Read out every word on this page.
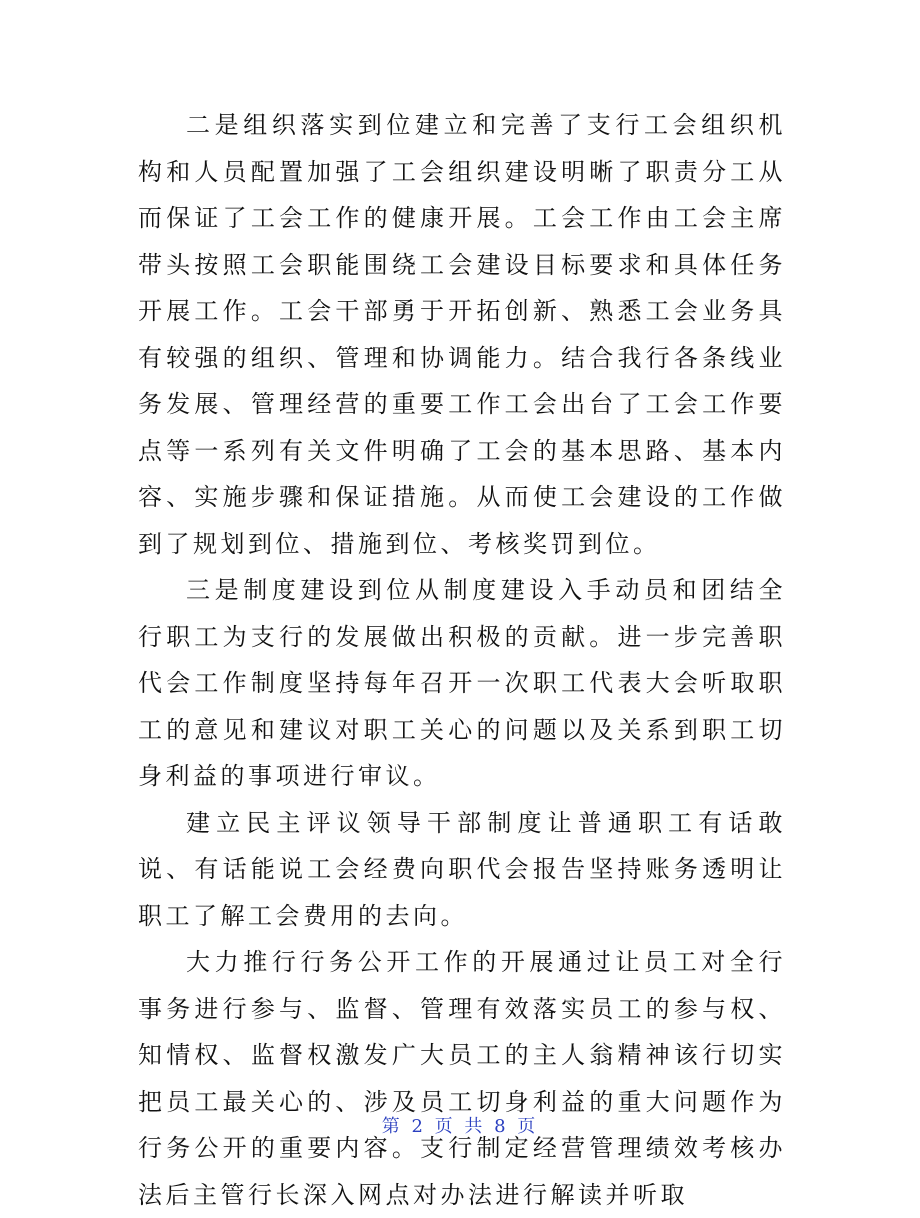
二是组织落实到位建立和完善了支行工会组织机构和人员配置加强了工会组织建设明晰了职责分工从而保证了工会工作的健康开展。工会工作由工会主席带头按照工会职能围绕工会建设目标要求和具体任务开展工作。工会干部勇于开拓创新、熟悉工会业务具有较强的组织、管理和协调能力。结合我行各条线业务发展、管理经营的重要工作工会出台了工会工作要点等一系列有关文件明确了工会的基本思路、基本内容、实施步骤和保证措施。从而使工会建设的工作做到了规划到位、措施到位、考核奖罚到位。

三是制度建设到位从制度建设入手动员和团结全行职工为支行的发展做出积极的贡献。进一步完善职代会工作制度坚持每年召开一次职工代表大会听取职工的意见和建议对职工关心的问题以及关系到职工切身利益的事项进行审议。

建立民主评议领导干部制度让普通职工有话敢说、有话能说工会经费向职代会报告坚持账务透明让职工了解工会费用的去向。

大力推行行务公开工作的开展通过让员工对全行事务进行参与、监督、管理有效落实员工的参与权、知情权、监督权激发广大员工的主人翁精神该行切实把员工最关心的、涉及员工切身利益的重大问题作为行务公开的重要内容。支行制定经营管理绩效考核办法后主管行长深入网点对办法进行解读并听取

第 2 页 共 8 页
